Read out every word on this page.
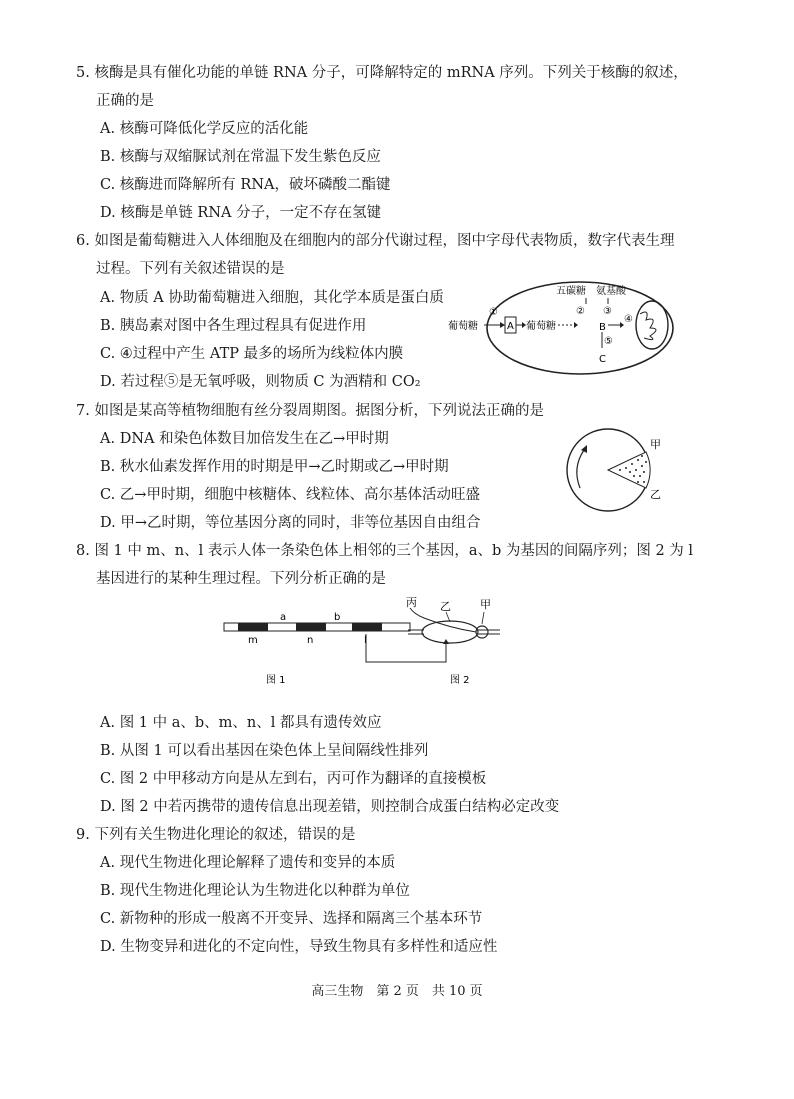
5. 核酶是具有催化功能的单链 RNA 分子，可降解特定的 mRNA 序列。下列关于核酶的叙述，
正确的是
A. 核酶可降低化学反应的活化能
B. 核酶与双缩脲试剂在常温下发生紫色反应
C. 核酶进而降解所有 RNA，破坏磷酸二酯键
D. 核酶是单链 RNA 分子，一定不存在氢键
6. 如图是葡萄糖进入人体细胞及在细胞内的部分代谢过程，图中字母代表物质，数字代表生理
过程。下列有关叙述错误的是
A. 物质 A 协助葡萄糖进入细胞，其化学本质是蛋白质
B. 胰岛素对图中各生理过程具有促进作用
C. ④过程中产生 ATP 最多的场所为线粒体内膜
D. 若过程⑤是无氧呼吸，则物质 C 为酒精和 CO₂
葡萄糖
①
A 葡萄糖
五碳糖
②
氨基酸
③
B
④
⑤
C
7. 如图是某高等植物细胞有丝分裂周期图。据图分析，下列说法正确的是
A. DNA 和染色体数目加倍发生在乙→甲时期
B. 秋水仙素发挥作用的时期是甲→乙时期或乙→甲时期
C. 乙→甲时期，细胞中核糖体、线粒体、高尔基体活动旺盛
D. 甲→乙时期，等位基因分离的同时，非等位基因自由组合
甲
乙
8. 图 1 中 m、n、l 表示人体一条染色体上相邻的三个基因，a、b 为基因的间隔序列；图 2 为 l
基因进行的某种生理过程。下列分析正确的是
a	b
m	n	l
丙 乙	甲
图 1	图 2
A. 图 1 中 a、b、m、n、l 都具有遗传效应
B. 从图 1 可以看出基因在染色体上呈间隔线性排列
C. 图 2 中甲移动方向是从左到右，丙可作为翻译的直接模板
D. 图 2 中若丙携带的遗传信息出现差错，则控制合成蛋白结构必定改变
9. 下列有关生物进化理论的叙述，错误的是
A. 现代生物进化理论解释了遗传和变异的本质
B. 现代生物进化理论认为生物进化以种群为单位
C. 新物种的形成一般离不开变异、选择和隔离三个基本环节
D. 生物变异和进化的不定向性，导致生物具有多样性和适应性
高三生物　第 2 页　共 10 页
